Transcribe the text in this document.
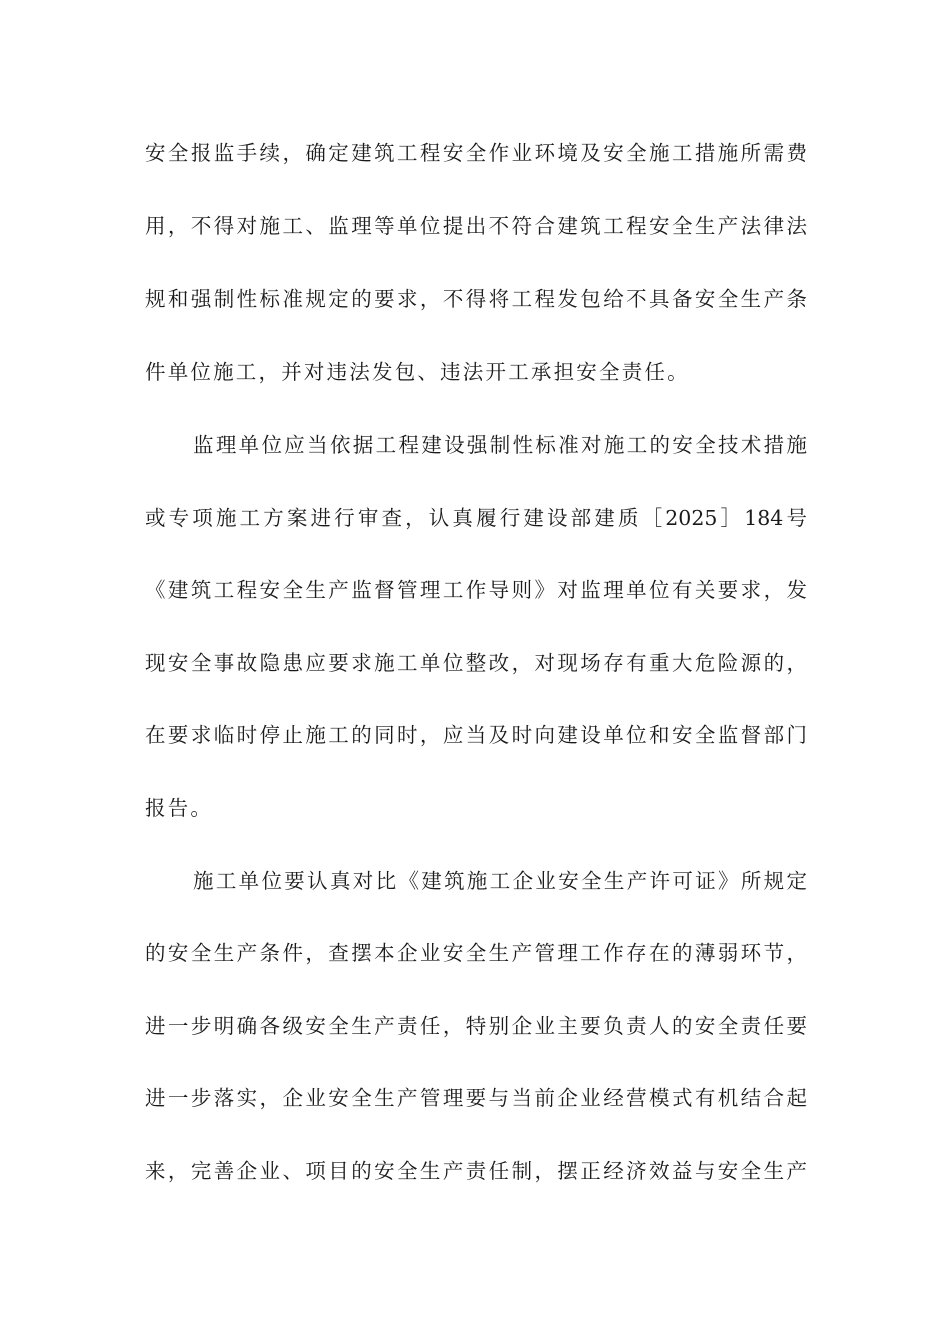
安全报监手续，确定建筑工程安全作业环境及安全施工措施所需费
用，不得对施工、监理等单位提出不符合建筑工程安全生产法律法
规和强制性标准规定的要求，不得将工程发包给不具备安全生产条
件单位施工，并对违法发包、违法开工承担安全责任。
监理单位应当依据工程建设强制性标准对施工的安全技术措施
或专项施工方案进行审查，认真履行建设部建质［2025］184号
《建筑工程安全生产监督管理工作导则》对监理单位有关要求，发
现安全事故隐患应要求施工单位整改，对现场存有重大危险源的，
在要求临时停止施工的同时，应当及时向建设单位和安全监督部门
报告。
施工单位要认真对比《建筑施工企业安全生产许可证》所规定
的安全生产条件，查摆本企业安全生产管理工作存在的薄弱环节，
进一步明确各级安全生产责任，特别企业主要负责人的安全责任要
进一步落实，企业安全生产管理要与当前企业经营模式有机结合起
来，完善企业、项目的安全生产责任制，摆正经济效益与安全生产
